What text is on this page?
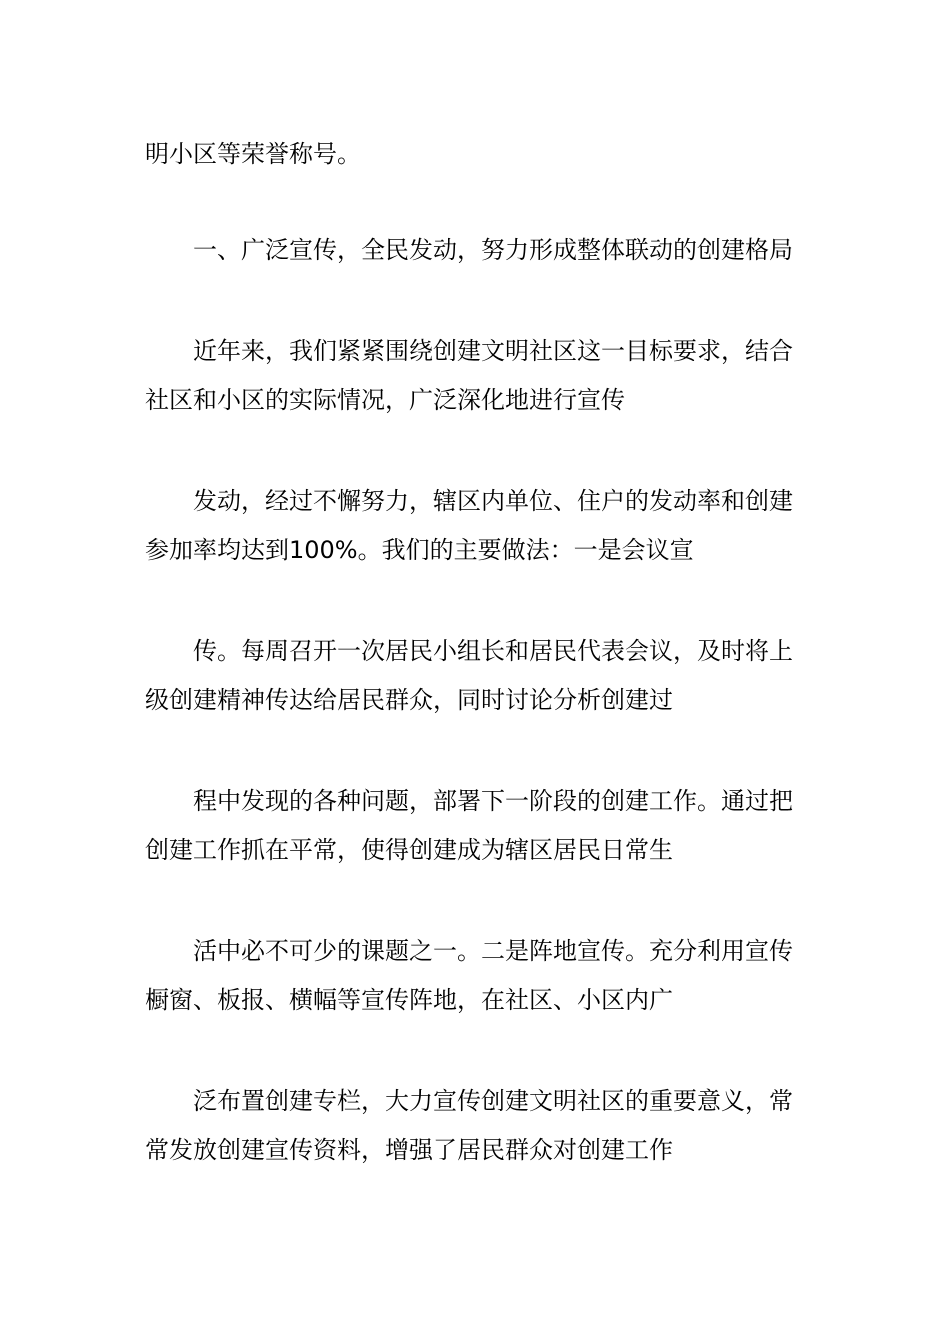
明小区等荣誉称号。
一、广泛宣传，全民发动，努力形成整体联动的创建格局
近年来，我们紧紧围绕创建文明社区这一目标要求，结合
社区和小区的实际情况，广泛深化地进行宣传
发动，经过不懈努力，辖区内单位、住户的发动率和创建
参加率均达到100%。我们的主要做法：一是会议宣
传。每周召开一次居民小组长和居民代表会议，及时将上
级创建精神传达给居民群众，同时讨论分析创建过
程中发现的各种问题，部署下一阶段的创建工作。通过把
创建工作抓在平常，使得创建成为辖区居民日常生
活中必不可少的课题之一。二是阵地宣传。充分利用宣传
橱窗、板报、横幅等宣传阵地，在社区、小区内广
泛布置创建专栏，大力宣传创建文明社区的重要意义，常
常发放创建宣传资料，增强了居民群众对创建工作
